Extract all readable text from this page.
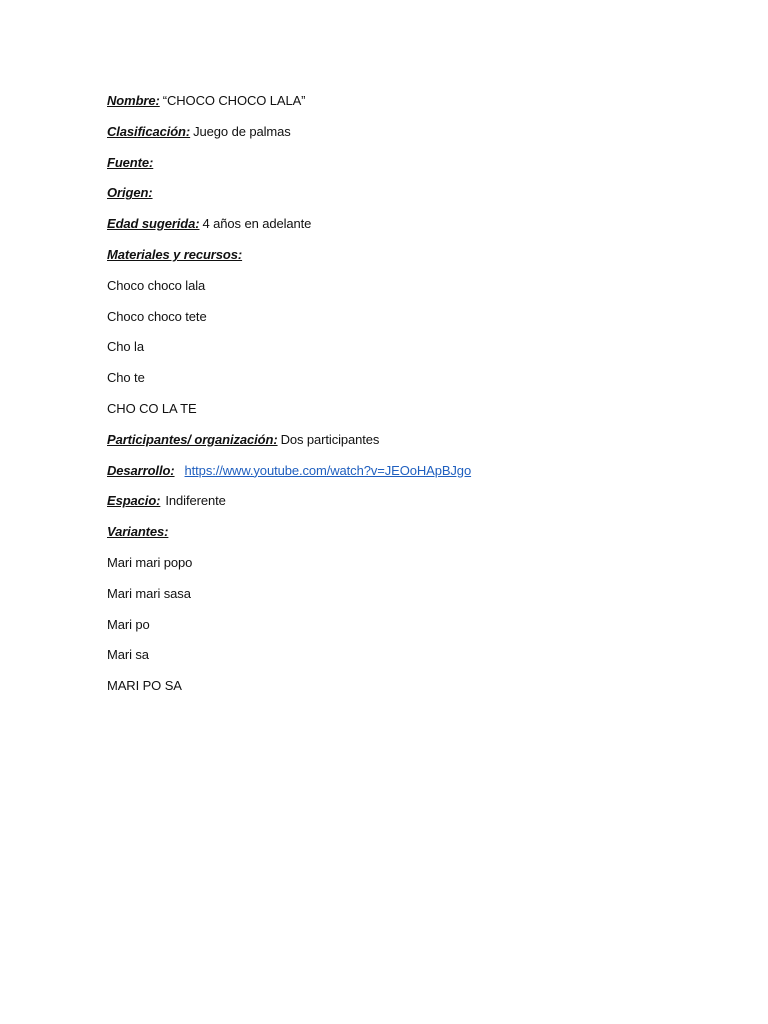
Nombre: “CHOCO CHOCO LALA”
Clasificación: Juego de palmas
Fuente:
Origen:
Edad sugerida: 4 años en adelante
Materiales y recursos:
Choco choco lala
Choco choco tete
Cho la
Cho te
CHO CO LA TE
Participantes/ organización: Dos participantes
Desarrollo: https://www.youtube.com/watch?v=JEOoHApBJgo
Espacio: Indiferente
Variantes:
Mari mari popo
Mari mari sasa
Mari po
Mari sa
MARI PO SA
